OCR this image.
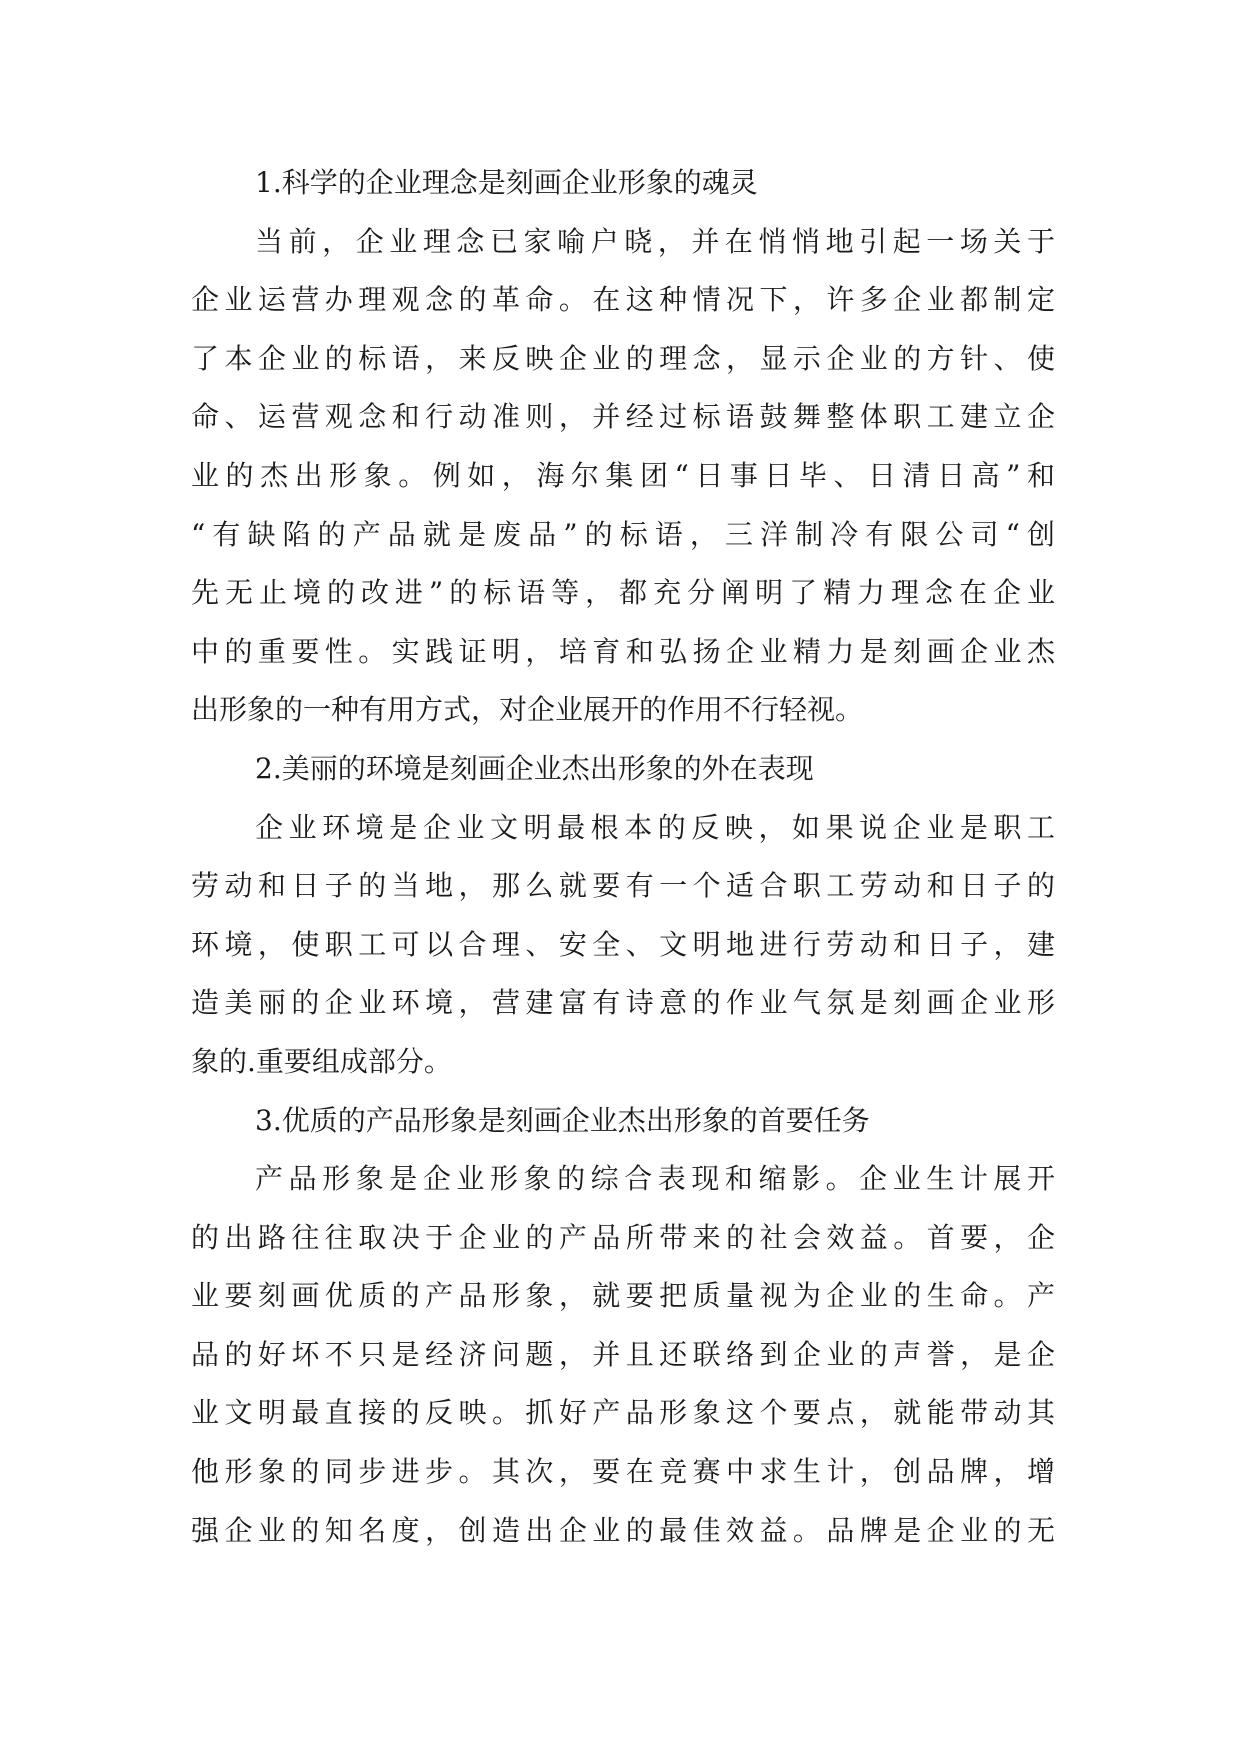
1.科学的企业理念是刻画企业形象的魂灵
当前，企业理念已家喻户晓，并在悄悄地引起一场关于
企业运营办理观念的革命。在这种情况下，许多企业都制定
了本企业的标语，来反映企业的理念，显示企业的方针、使
命、运营观念和行动准则，并经过标语鼓舞整体职工建立企
业的杰出形象。例如，海尔集团“日事日毕、日清日高”和
“有缺陷的产品就是废品”的标语，三洋制冷有限公司“创
先无止境的改进”的标语等，都充分阐明了精力理念在企业
中的重要性。实践证明，培育和弘扬企业精力是刻画企业杰
出形象的一种有用方式，对企业展开的作用不行轻视。
2.美丽的环境是刻画企业杰出形象的外在表现
企业环境是企业文明最根本的反映，如果说企业是职工
劳动和日子的当地，那么就要有一个适合职工劳动和日子的
环境，使职工可以合理、安全、文明地进行劳动和日子，建
造美丽的企业环境，营建富有诗意的作业气氛是刻画企业形
象的.重要组成部分。
3.优质的产品形象是刻画企业杰出形象的首要任务
产品形象是企业形象的综合表现和缩影。企业生计展开
的出路往往取决于企业的产品所带来的社会效益。首要，企
业要刻画优质的产品形象，就要把质量视为企业的生命。产
品的好坏不只是经济问题，并且还联络到企业的声誉，是企
业文明最直接的反映。抓好产品形象这个要点，就能带动其
他形象的同步进步。其次，要在竞赛中求生计，创品牌，增
强企业的知名度，创造出企业的最佳效益。品牌是企业的无
